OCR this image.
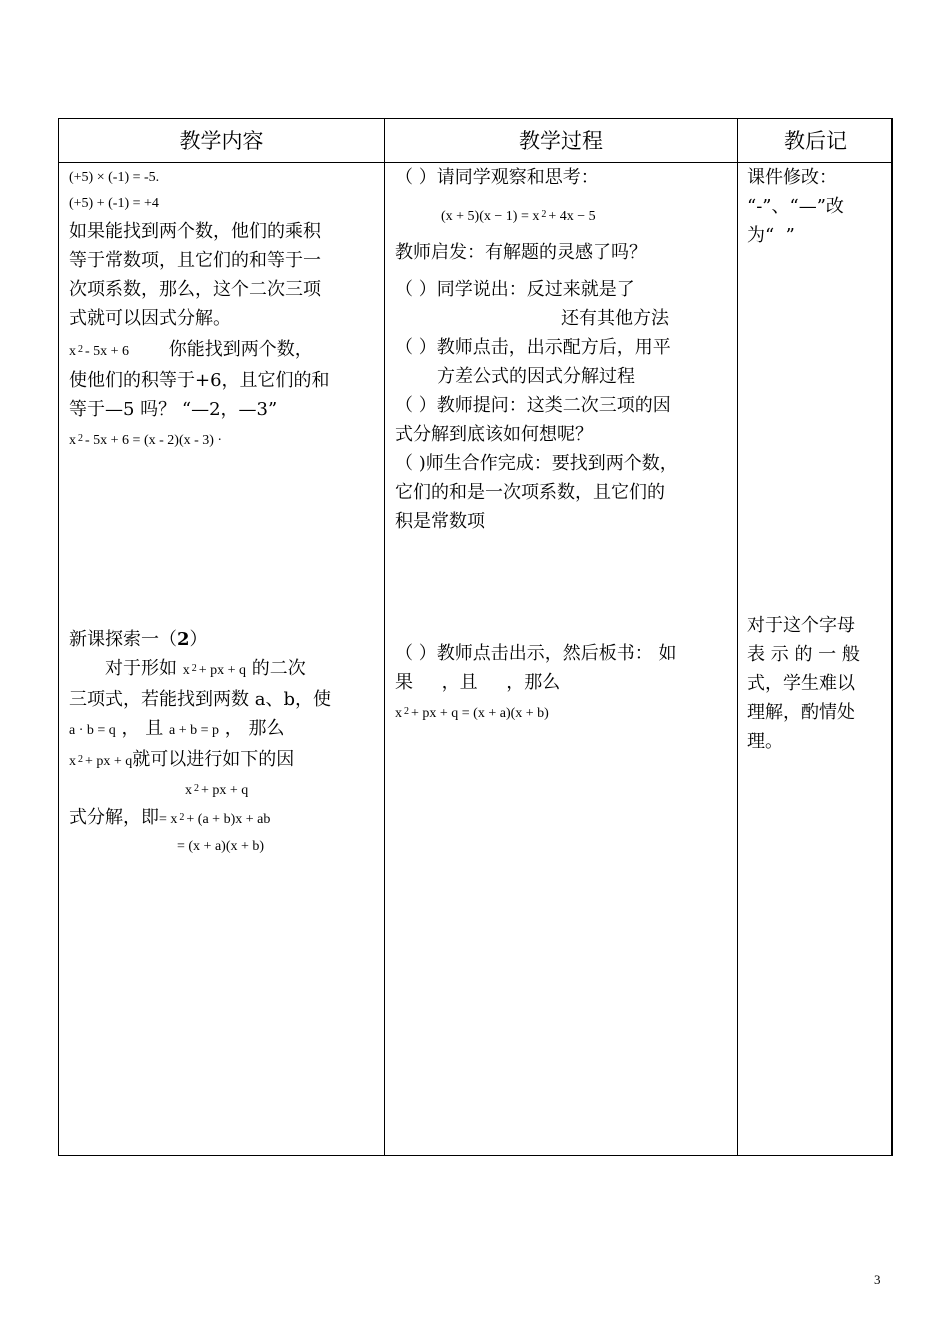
教学内容	教学过程	教后记
(+5) × (-1) = -5.
(+5) + (-1) = +4
如果能找到两个数，他们的乘积
等于常数项，且它们的和等于一
次项系数，那么，这个二次三项
式就可以因式分解。
x $^2$ - 5x + 6 你能找到两个数，
使他们的积等于+6，且它们的和
等于—5 吗？ “—2，—3”
x $^2$ - 5x + 6 = (x - 2)(x - 3) ·
新课探索一（2）
对于形如 x $^2$ + px + q 的二次
三项式，若能找到两数 a、b，使
a · b = q ， 且 a + b = p ， 那么
x $^2$ + px + q就可以进行如下的因
x $^2$ + px + q
式分解，即= x $^2$ + (a + b)x + ab
= (x + a)(x + b)
（ ）请同学观察和思考：
(x + 5)(x − 1) = x $^2$ + 4x − 5
教师启发：有解题的灵感了吗？
（ ）同学说出：反过来就是了
还有其他方法
（ ）教师点击，出示配方后，用平
方差公式的因式分解过程
（ ）教师提问：这类二次三项的因
式分解到底该如何想呢？
（ )师生合作完成：要找到两个数，
它们的和是一次项系数，且它们的
积是常数项
（ ）教师点击出示，然后板书： 如
果     ，且     ，那么
x $^2$ + px + q = (x + a)(x + b)
课件修改：
“-”、“—”改
为“  ”
对于这个字母
表 示 的 一 般
式，学生难以
理解，酌情处
理。
3
